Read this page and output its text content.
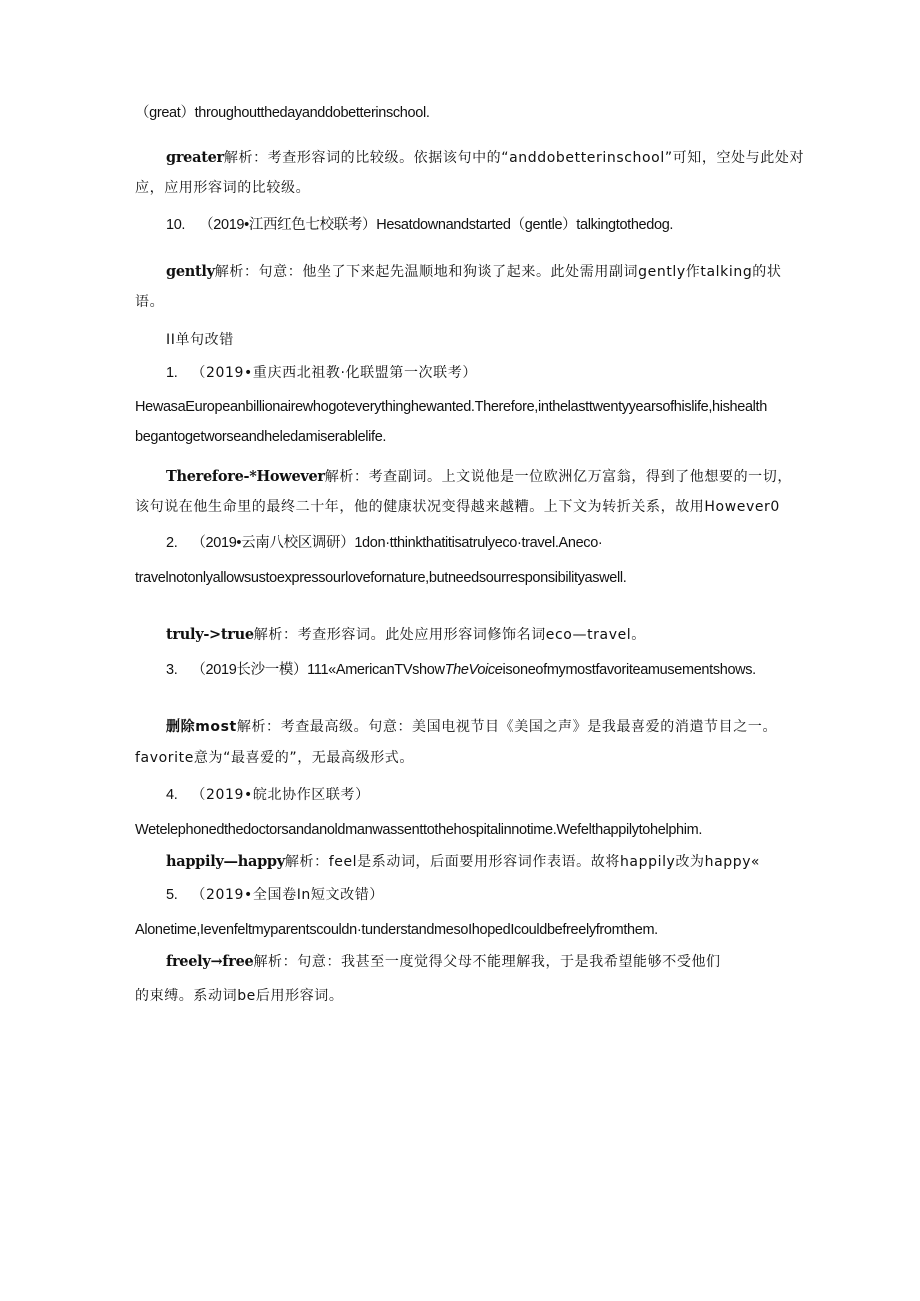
（great）throughoutthedayanddobetterinschool.
greater解析：考查形容词的比较级。依据该句中的“anddobetterinschool”可知，空处与此处对
应，应用形容词的比较级。
10. （2019•江西红色七校联考）Hesatdownandstarted（gentle）talkingtothedog.
gently解析：句意：他坐了下来起先温顺地和狗谈了起来。此处需用副词gently作talking的状
语。
II单句改错
1. （2019•重庆西北祖教·化联盟第一次联考）
HewasaEuropeanbillionairewhogoteverythinghewanted.Therefore,inthelasttwentyyearsofhislife,hishealth
begantogetworseandheledamiserablelife.
Therefore-*However解析：考查副词。上文说他是一位欧洲亿万富翁，得到了他想要的一切，
该句说在他生命里的最终二十年，他的健康状况变得越来越糟。上下文为转折关系，故用However0
2. （2019•云南八校区调研）1don·tthinkthatitisatrulyeco·travel.Aneco·
travelnotonlyallowsustoexpressourlovefornature,butneedsourresponsibilityaswell.
truly->true解析：考查形容词。此处应用形容词修饰名词eco—travel。
3. （2019长沙一模）111«AmericanTVshowTheVoiceisoneofmymostfavoriteamusementshows.
删除most解析：考查最高级。句意：美国电视节目《美国之声》是我最喜爱的消遣节目之一。
favorite意为“最喜爱的”，无最高级形式。
4. （2019•皖北协作区联考）
Wetelephonedthedoctorsandanoldmanwassenttothehospitalinnotime.Wefelthappilytohelphim.
happily—happy解析：feel是系动词，后面要用形容词作表语。故将happily改为happy«
5. （2019•全国卷In短文改错）
Alonetime,Ievenfeltmyparentscouldn·tunderstandmesoIhopedIcouldbefreelyfromthem.
freely→free解析：句意：我甚至一度觉得父母不能理解我，于是我希望能够不受他们
的束缚。系动词be后用形容词。
